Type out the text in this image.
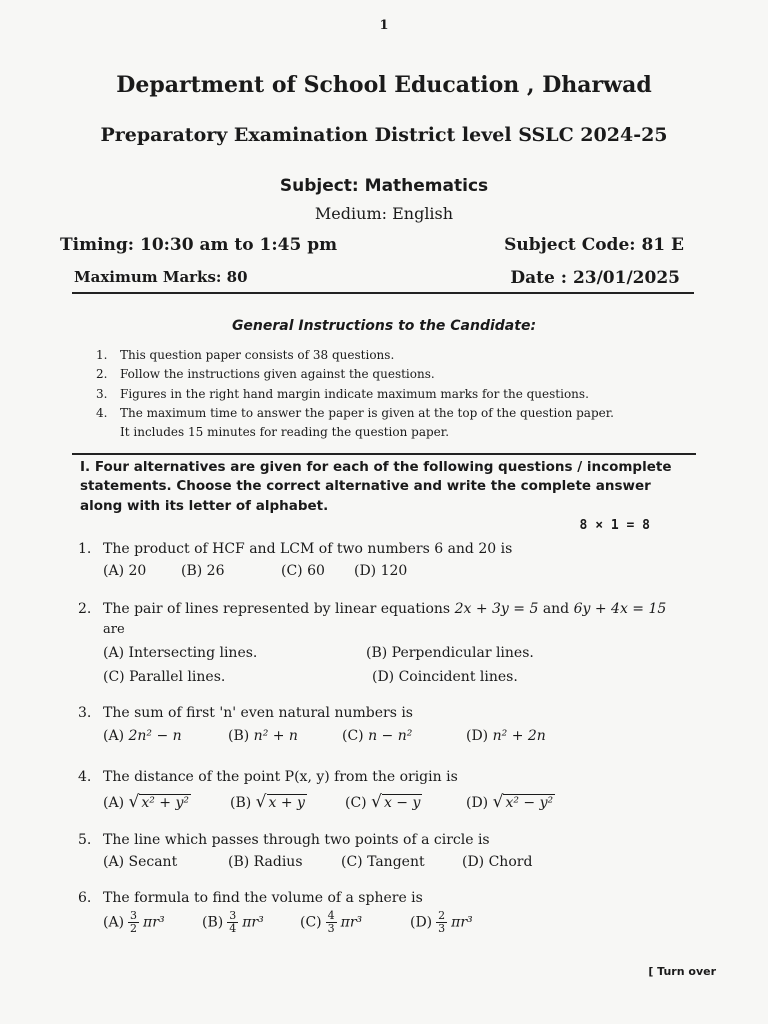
1
Department of School Education , Dharwad
Preparatory Examination District level SSLC 2024-25
Subject: Mathematics
Medium: English
Timing: 10:30 am to 1:45 pm	Subject Code: 81 E
Maximum Marks: 80	Date : 23/01/2025
General Instructions to the Candidate:
1.	This question paper consists of 38 questions.
2.	Follow the instructions given against the questions.
3.	Figures in the right hand margin indicate maximum marks for the questions.
4.	The maximum time to answer the paper is given at the top of the question paper.
It includes 15 minutes for reading the question paper.
I. Four alternatives are given for each of the following questions / incomplete statements. Choose the correct alternative and write the complete answer along with its letter of alphabet.
8 × 1 = 8
1. The product of HCF and LCM of two numbers 6 and 20 is
(A) 20 (B) 26	(C) 60 (D) 120
2. The pair of lines represented by linear equations 2x + 3y = 5 and 6y + 4x = 15
are
(A) Intersecting lines.	(B) Perpendicular lines.
(C) Parallel lines.	(D) Coincident lines.
3. The sum of first 'n' even natural numbers is
(A) 2n² − n	(B) n² + n	(C) n − n²	(D) n² + 2n
4. The distance of the point P(x, y) from the origin is
(A) √ x² + y²	(B) √ x + y	(C) √ x − y	(D) √ x² − y²
5. The line which passes through two points of a circle is
(A) Secant	(B) Radius	(C) Tangent	(D) Chord
6. The formula to find the volume of a sphere is
$(A) \frac{3}{2} \pi r^3$	$(B) \frac{3}{4} \pi r^3$	$(C) \frac{4}{3} \pi r^3$	$(D) \frac{2}{3} \pi r^3$
[ Turn over
